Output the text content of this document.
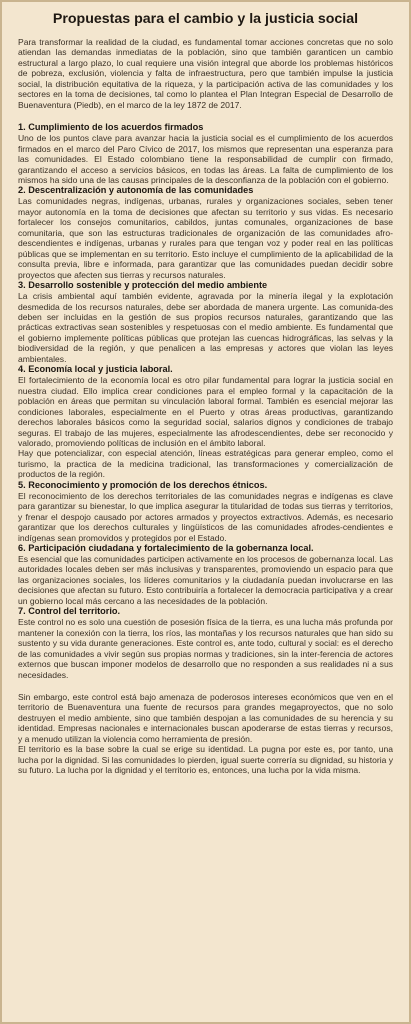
Propuestas para el cambio y la justicia social

Para transformar la realidad de la ciudad, es fundamental tomar acciones concretas que no solo atiendan las demandas inmediatas de la población, sino que también garanticen un cambio estructural a largo plazo, lo cual requiere una visión integral que aborde los problemas históricos de pobreza, exclusión, violencia y falta de infraestructura, pero que también impulse la justicia social, la distribución equitativa de la riqueza, y la participación activa de las comunidades y los sectores en la toma de decisiones, tal como lo plantea el Plan Integran Especial de Desarrollo de Buenaventura (Piedb), en el marco de la ley 1872 de 2017.

1. Cumplimiento de los acuerdos firmados

Uno de los puntos clave para avanzar hacia la justicia social es el cumplimiento de los acuerdos firmados en el marco del Paro Cívico de 2017, los mismos que representan una esperanza para las comunidades. El Estado colombiano tiene la responsabilidad de cumplir con firmado, garantizando el acceso a servicios básicos, en todas las áreas. La falta de cumplimiento de los mismos ha sido una de las causas principales de la desconfianza de la población con el gobierno.

2. Descentralización y autonomía de las comunidades

Las comunidades negras, indígenas, urbanas, rurales y organizaciones sociales, seben tener mayor autonomía en la toma de decisiones que afectan su territorio y sus vidas. Es necesario fortalecer los consejos comunitarios, cabildos, juntas comunales, organizaciones de base comunitaria, que son las estructuras tradicionales de organización de las comunidades afro-descendientes e indígenas, urbanas y rurales para que tengan voz y poder real en las políticas públicas que se implementan en su territorio. Esto incluye el cumplimiento de la aplicabilidad de la consulta previa, libre e informada, para garantizar que las comunidades puedan decidir sobre proyectos que afecten sus tierras y recursos naturales.

3. Desarrollo sostenible y protección del medio ambiente

La crisis ambiental aquí también evidente, agravada por la minería ilegal y la explotación desmedida de los recursos naturales, debe ser abordada de manera urgente. Las comunida-des deben ser incluidas en la gestión de sus propios recursos naturales, garantizando que las prácticas extractivas sean sostenibles y respetuosas con el medio ambiente. Es fundamental que el gobierno implemente políticas públicas que protejan las cuencas hidrográficas, las selvas y la biodiversidad de la región, y que penalicen a las empresas y actores que violan las leyes ambientales.

4. Economía local y justicia laboral.

El fortalecimiento de la economía local es otro pilar fundamental para lograr la justicia social en nuestra ciudad. Ello implica crear condiciones para el empleo formal y la capacitación de la población en áreas que permitan su vinculación laboral formal. También es esencial mejorar las condiciones laborales, especialmente en el Puerto y otras áreas productivas, garantizando derechos laborales básicos como la seguridad social, salarios dignos y condiciones de trabajo seguras. El trabajo de las mujeres, especialmente las afrodescendientes, debe ser reconocido y valorado, promoviendo políticas de inclusión en el ámbito laboral.

Hay que potencializar, con especial atención, líneas estratégicas para generar empleo, como el turismo, la practica de la medicina tradicional, las transformaciones y comercialización de productos de la región.

5. Reconocimiento y promoción de los derechos étnicos.

El reconocimiento de los derechos territoriales de las comunidades negras e indígenas es clave para garantizar su bienestar, lo que implica asegurar la titularidad de todas sus tierras y territorios, y frenar el despojo causado por actores armados y proyectos extractivos. Además, es necesario garantizar que los derechos culturales y lingüísticos de las comunidades afrodes-cendientes e indígenas sean promovidos y protegidos por el Estado.

6. Participación ciudadana y fortalecimiento de la gobernanza local.

Es esencial que las comunidades participen activamente en los procesos de gobernanza local. Las autoridades locales deben ser más inclusivas y transparentes, promoviendo un espacio para que las organizaciones sociales, los líderes comunitarios y la ciudadanía puedan involucrarse en las decisiones que afectan su futuro. Esto contribuiría a fortalecer la democracia participativa y a crear un gobierno local más cercano a las necesidades de la población.

7. Control del territorio.

Este control no es solo una cuestión de posesión física de la tierra, es una lucha más profunda por mantener la conexión con la tierra, los ríos, las montañas y los recursos naturales que han sido su sustento y su vida durante generaciones. Este control es, ante todo, cultural y social: es el derecho de las comunidades a vivir según sus propias normas y tradiciones, sin la inter-ferencia de actores externos que buscan imponer modelos de desarrollo que no responden a sus realidades ni a sus necesidades.

Sin embargo, este control está bajo amenaza de poderosos intereses económicos que ven en el territorio de Buenaventura una fuente de recursos para grandes megaproyectos, que no solo destruyen el medio ambiente, sino que también despojan a las comunidades de su herencia y su identidad. Empresas nacionales e internacionales buscan apoderarse de estas tierras y recursos, y a menudo utilizan la violencia como herramienta de presión.

El territorio es la base sobre la cual se erige su identidad. La pugna por este es, por tanto, una lucha por la dignidad. Si las comunidades lo pierden, igual suerte correría su dignidad, su historia y su futuro. La lucha por la dignidad y el territorio es, entonces, una lucha por la vida misma.
